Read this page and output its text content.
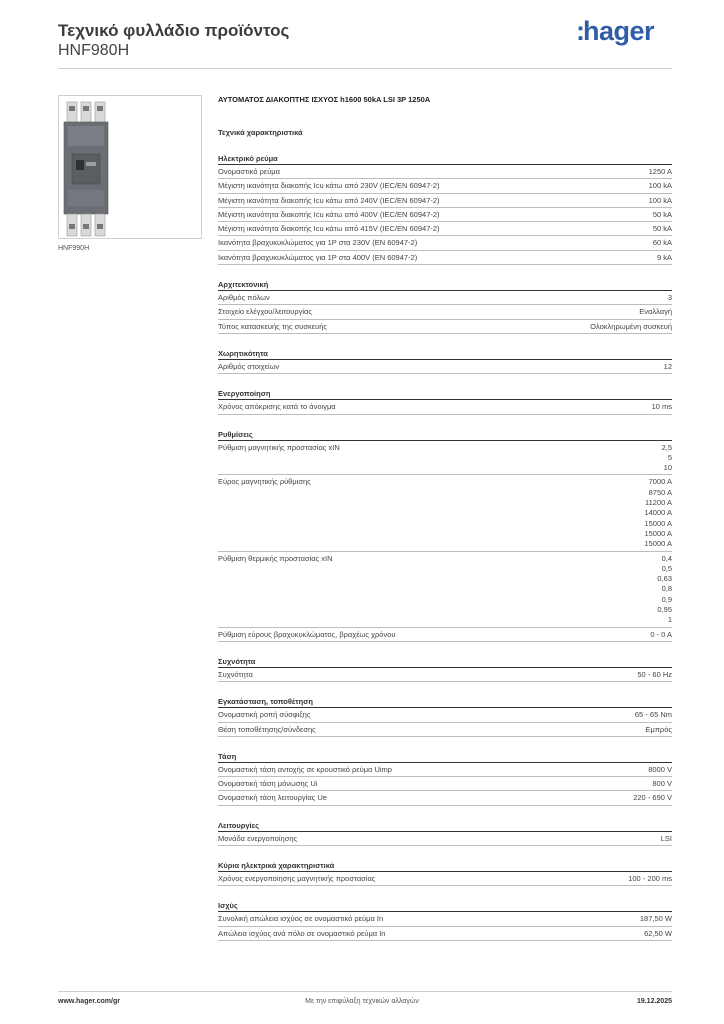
Τεχνικό φυλλάδιο προϊόντος
HNF980H
:hager
HNF990H
ΑΥΤΟΜΑΤΟΣ ΔΙΑΚΟΠΤΗΣ ΙΣΧΥΟΣ h1600 50kA LSI 3P 1250A
Τεχνικά χαρακτηριστικά
Ηλεκτρικό ρεύμα
Ονομαστικό ρεύμα	1250 A
Μέγιστη ικανότητα διακοπής Icu κάτω από 230V (IEC/EN 60947-2)	100 kA
Μέγιστη ικανότητα διακοπής Icu κάτω από 240V (IEC/EN 60947-2)	100 kA
Μέγιστη ικανότητα διακοπής Icu κάτω από 400V (IEC/EN 60947-2)	50 kA
Μέγιστη ικανότητα διακοπής Icu κάτω από 415V (IEC/EN 60947-2)	50 kA
Ικανότητα βραχυκυκλώματος για 1P στα 230V (EN 60947-2)	60 kA
Ικανότητα βραχυκυκλώματος για 1P στα 400V (EN 60947-2)	9 kA
Αρχιτεκτονική
Αριθμός πόλων	3
Στοιχείο ελέγχου/λειτουργίας	Εναλλαγή
Τύπος κατασκευής της συσκευής	Ολοκληρωμένη συσκευή
Χωρητικότητα
Αριθμός στοιχείων	12
Ενεργοποίηση
Χρόνος απόκρισης κατά το άνοιγμα	10 ms
Ρυθμίσεις
Ρύθμιση μαγνητικής προστασίας xIN	2,5
5
10
Εύρος μαγνητικής ρύθμισης	7000 A
8750 A
11200 A
14000 A
15000 A
15000 A
15000 A
Ρύθμιση θερμικής προστασίας xIN	0,4
0,5
0,63
0,8
0,9
0,95
1
Ρύθμιση εύρους βραχυκυκλώματος, βραχέως χρόνου	0 - 0 A
Συχνότητα
Συχνότητα	50 - 60 Hz
Εγκατάσταση, τοποθέτηση
Ονομαστική ροπή σύσφιξης	65 - 65 Nm
Θέση τοποθέτησης/σύνδεσης	Εμπρός
Τάση
Ονομαστική τάση αντοχής σε κρουστικό ρεύμα Uimp	8000 V
Ονομαστική τάση μόνωσης Ui	800 V
Ονομαστική τάση λειτουργίας Ue	220 - 690 V
Λειτουργίες
Μονάδα ενεργοποίησης	LSI
Κύρια ηλεκτρικά χαρακτηριστικά
Χρόνος ενεργοποίησης μαγνητικής προστασίας	100 - 200 ms
Ισχύς
Συνολική απώλεια ισχύος σε ονομαστικό ρεύμα In	187,50 W
Απώλεια ισχύος ανά πόλο σε ονομαστικό ρεύμα In	62,50 W
www.hager.com/gr	Με την επιφύλαξη τεχνικών αλλαγών	19.12.2025
